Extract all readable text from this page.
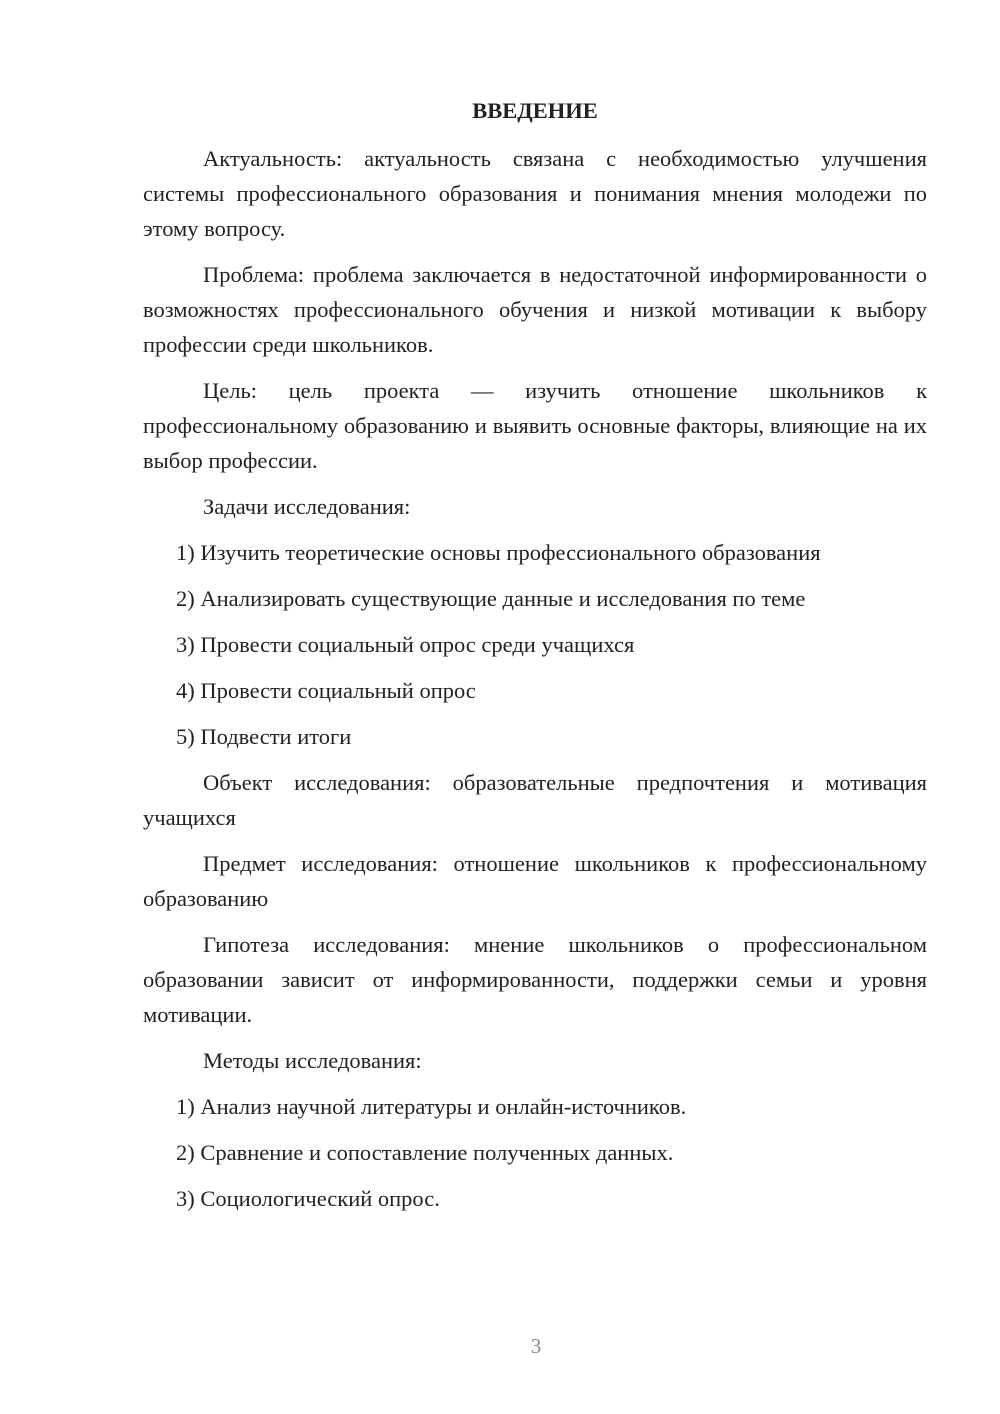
ВВЕДЕНИЕ

Актуальность: актуальность связана с необходимостью улучшения системы профессионального образования и понимания мнения молодежи по этому вопросу.

Проблема: проблема заключается в недостаточной информированности о возможностях профессионального обучения и низкой мотивации к выбору профессии среди школьников.

Цель: цель проекта — изучить отношение школьников к профессиональному образованию и выявить основные факторы, влияющие на их выбор профессии.

Задачи исследования:

1) Изучить теоретические основы профессионального образования

2) Анализировать существующие данные и исследования по теме

3) Провести социальный опрос среди учащихся

4) Провести социальный опрос

5) Подвести итоги

Объект исследования: образовательные предпочтения и мотивация учащихся

Предмет исследования: отношение школьников к профессиональному образованию

Гипотеза исследования: мнение школьников о профессиональном образовании зависит от информированности, поддержки семьи и уровня мотивации.

Методы исследования:

1) Анализ научной литературы и онлайн-источников.

2) Сравнение и сопоставление полученных данных.

3) Социологический опрос.

3
